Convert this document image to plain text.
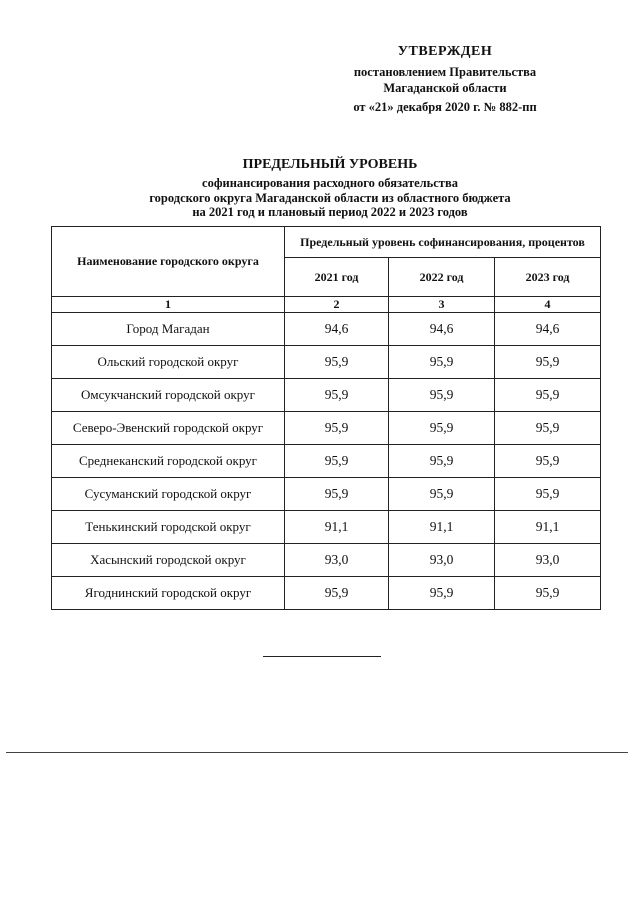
УТВЕРЖДЕН
постановлением Правительства
Магаданской области
от «21» декабря 2020 г. № 882-пп
ПРЕДЕЛЬНЫЙ УРОВЕНЬ
софинансирования расходного обязательства
городского округа Магаданской области из областного бюджета
на 2021 год и плановый период 2022 и 2023 годов
Наименование городского округа	Предельный уровень софинансирования, процентов		
	2021 год	2022 год	2023 год
1	2	3	4
Город Магадан	94,6	94,6	94,6
Ольский городской округ	95,9	95,9	95,9
Омсукчанский городской округ	95,9	95,9	95,9
Северо-Эвенский городской округ	95,9	95,9	95,9
Среднеканский городской округ	95,9	95,9	95,9
Сусуманский городской округ	95,9	95,9	95,9
Тенькинский городской округ	91,1	91,1	91,1
Хасынский городской округ	93,0	93,0	93,0
Ягоднинский городской округ	95,9	95,9	95,9
